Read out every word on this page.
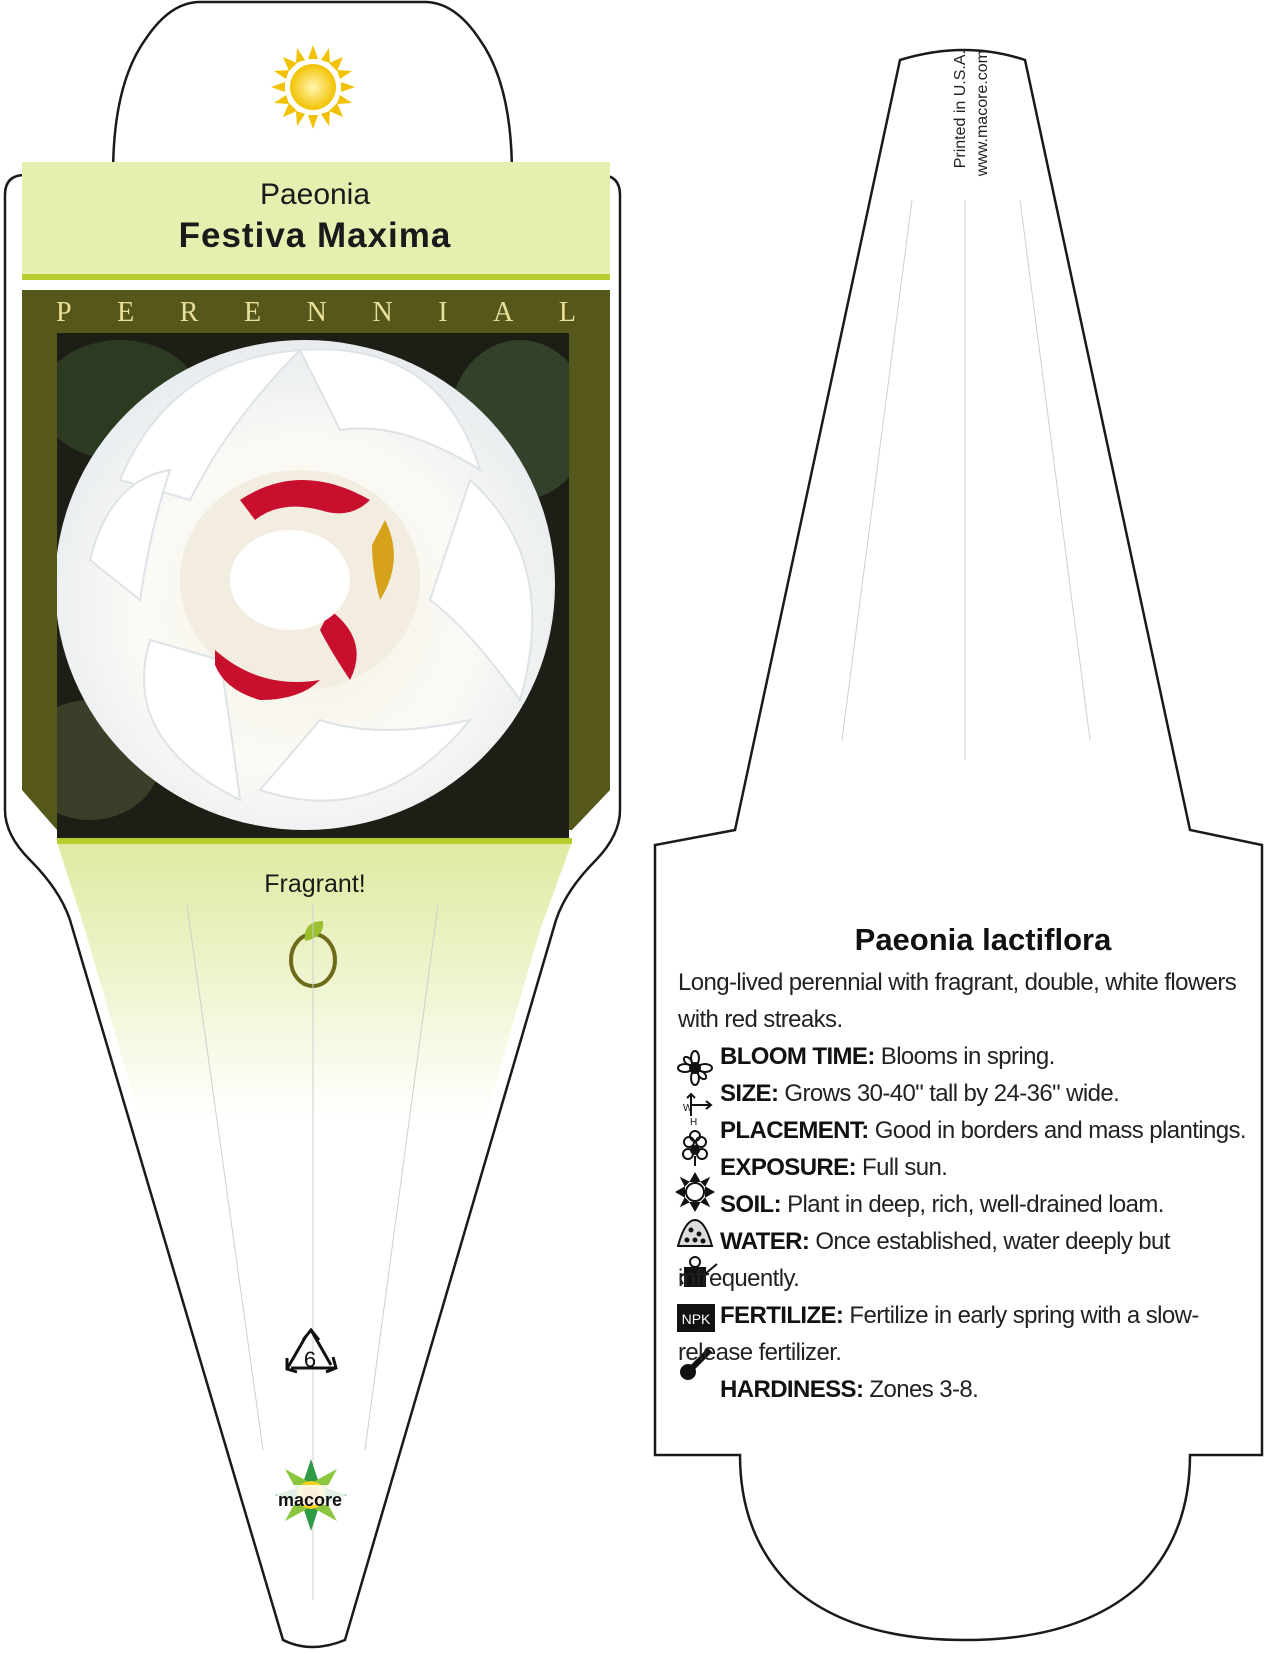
NPK
W
H
Paeonia
Festiva Maxima
P E R E N N I A L
Fragrant!
6
macore
Printed in U.S.A. www.macore.com
Paeonia lactiflora
Long-lived perennial with fragrant, double, white flowers with red streaks.
BLOOM TIME: Blooms in spring.
SIZE: Grows 30-40" tall by 24-36" wide.
PLACEMENT: Good in borders and mass plantings.
EXPOSURE: Full sun.
SOIL: Plant in deep, rich, well-drained loam.
WATER: Once established, water deeply but infrequently.
FERTILIZE: Fertilize in early spring with a slow-release fertilizer.
HARDINESS: Zones 3-8.
